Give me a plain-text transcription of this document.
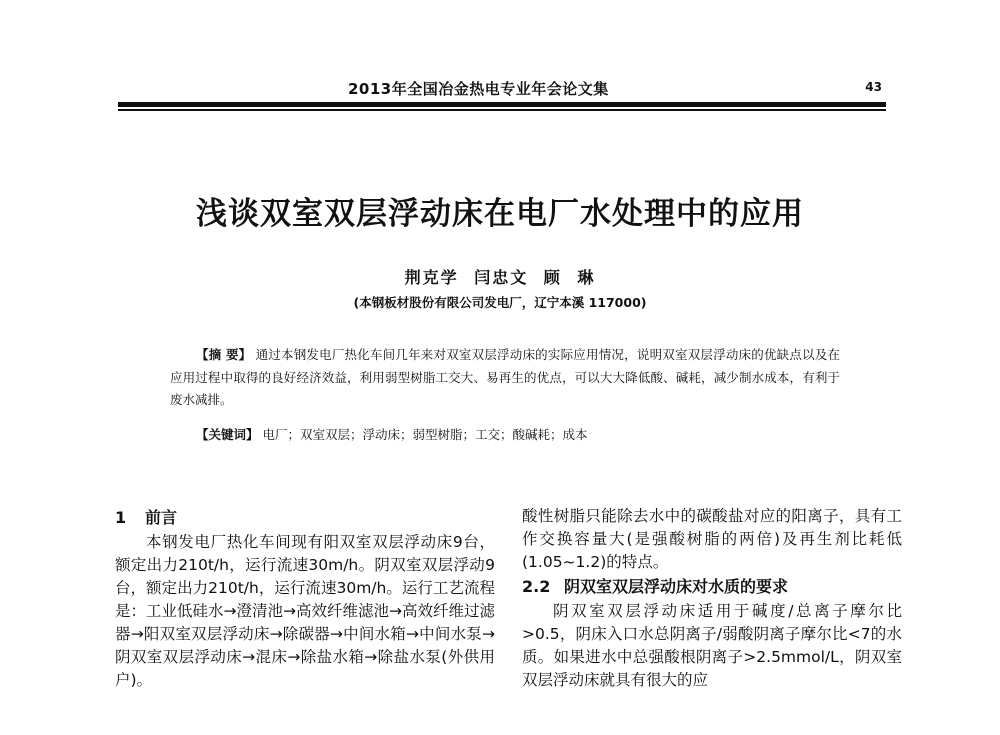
2013年全国冶金热电专业年会论文集	43
浅谈双室双层浮动床在电厂水处理中的应用
荆克学 闫忠文 顾 琳
(本钢板材股份有限公司发电厂，辽宁本溪 117000)
【摘 要】 通过本钢发电厂热化车间几年来对双室双层浮动床的实际应用情况，说明双室双层浮动床的优缺点以及在应用过程中取得的良好经济效益，利用弱型树脂工交大、易再生的优点，可以大大降低酸、碱耗，减少制水成本，有利于废水减排。
【关键词】 电厂；双室双层；浮动床；弱型树脂；工交；酸碱耗；成本
1 前言

本钢发电厂热化车间现有阳双室双层浮动床9台，额定出力210t/h，运行流速30m/h。阴双室双层浮动9台，额定出力210t/h，运行流速30m/h。运行工艺流程是：工业低硅水→澄清池→高效纤维滤池→高效纤维过滤器→阳双室双层浮动床→除碳器→中间水箱→中间水泵→阴双室双层浮动床→混床→除盐水箱→除盐水泵(外供用户)。

酸性树脂只能除去水中的碳酸盐对应的阳离子，具有工作交换容量大(是强酸树脂的两倍)及再生剂比耗低(1.05~1.2)的特点。

2.2 阴双室双层浮动床对水质的要求

阴双室双层浮动床适用于碱度/总离子摩尔比>0.5，阴床入口水总阴离子/弱酸阴离子摩尔比<7的水质。如果进水中总强酸根阴离子>2.5mmol/L，阴双室双层浮动床就具有很大的应
